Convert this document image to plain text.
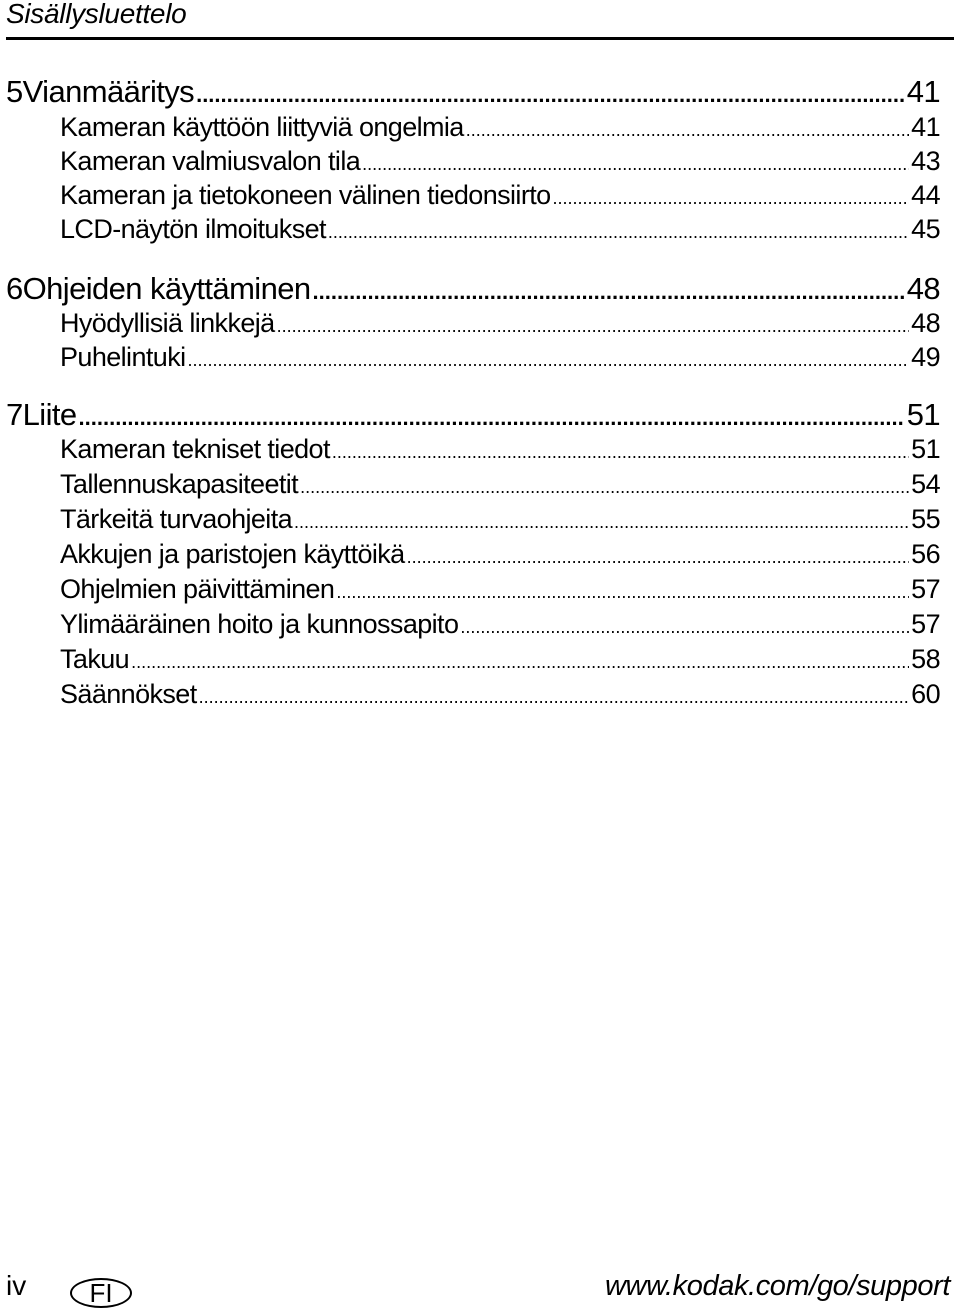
Sisällysluettelo
5 Vianmääritys .....	41
Kameran käyttöön liittyviä ongelmia .....	41
Kameran valmiusvalon tila .....	43
Kameran ja tietokoneen välinen tiedonsiirto .....	44
LCD-näytön ilmoitukset .....	45
6 Ohjeiden käyttäminen .....	48
Hyödyllisiä linkkejä .....	48
Puhelintuki .....	49
7 Liite .....	51
Kameran tekniset tiedot .....	51
Tallennuskapasiteetit .....	54
Tärkeitä turvaohjeita .....	55
Akkujen ja paristojen käyttöikä .....	56
Ohjelmien päivittäminen .....	57
Ylimääräinen hoito ja kunnossapito .....	57
Takuu .....	58
Säännökset .....	60
iv FI	www.kodak.com/go/support
